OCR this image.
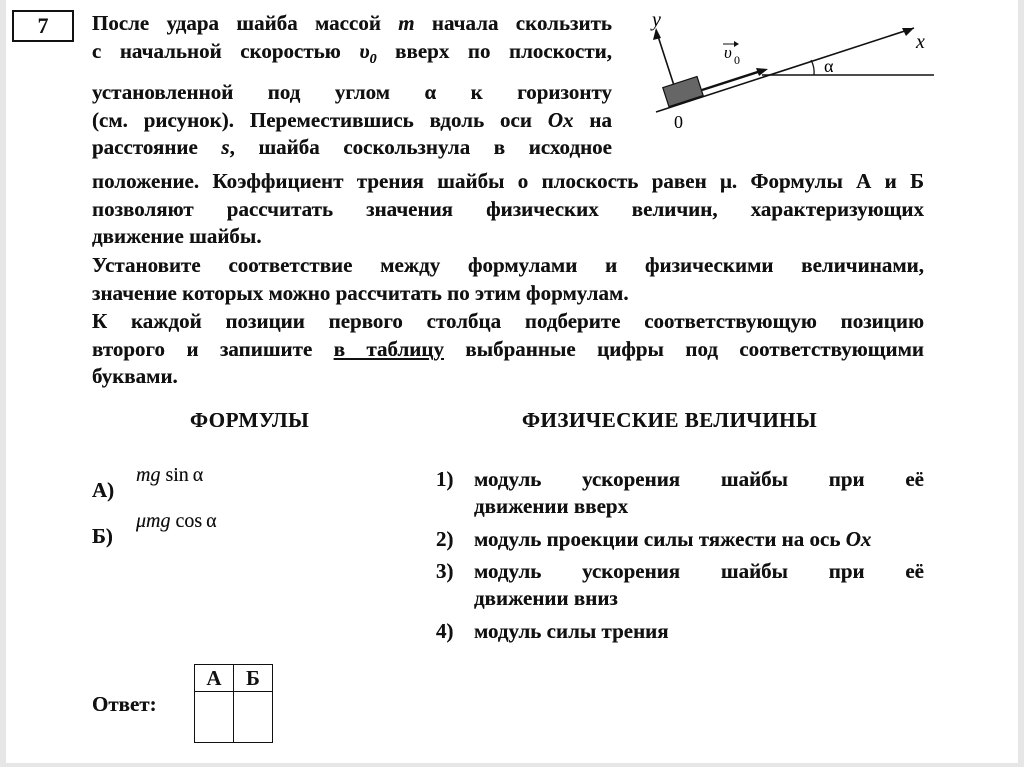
7 После удара шайба массой m начала скользить
с начальной скоростью $\upsilon_0$ вверх по плоскости,
установленной под углом α к горизонту
(см. рисунок). Переместившись вдоль оси Ox на
расстояние s, шайба соскользнула в исходное
y
x
0
α
υ 0
положение. Коэффициент трения шайбы о плоскость равен μ. Формулы А и Б
позволяют рассчитать значения физических величин, характеризующих
движение шайбы.
Установите соответствие между формулами и физическими величинами,
значение которых можно рассчитать по этим формулам.
К каждой позиции первого столбца подберите соответствующую позицию
второго и запишите в таблицу выбранные цифры под соответствующими
буквами.
ФОРМУЛЫ	ФИЗИЧЕСКИЕ ВЕЛИЧИНЫ
А)
mg sin α
Б)
μmg cos α
1) модуль ускорения шайбы при её
движении вверх
2) модуль проекции силы тяжести на ось Ox
3) модуль ускорения шайбы при её
движении вниз
4) модуль силы трения
Ответ:
А	Б
